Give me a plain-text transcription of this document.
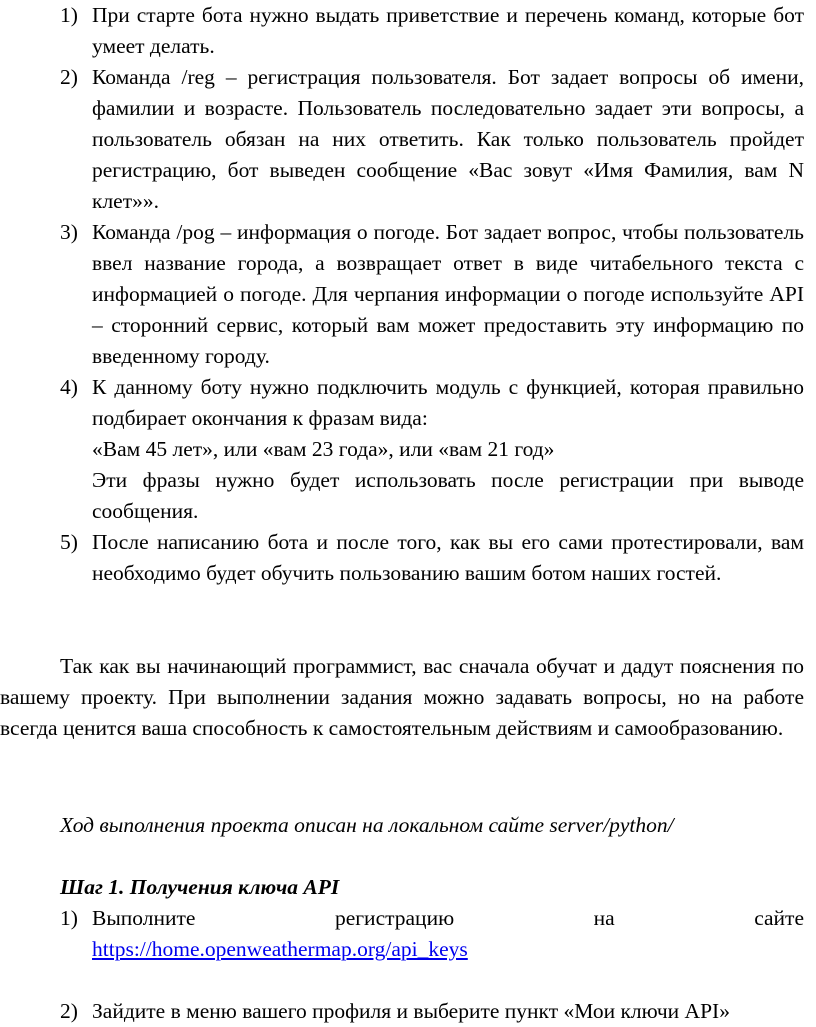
1) При старте бота нужно выдать приветствие и перечень команд, которые бот умеет делать.
2) Команда /reg – регистрация пользователя. Бот задает вопросы об имени, фамилии и возрасте. Пользователь последовательно задает эти вопросы, а пользователь обязан на них ответить. Как только пользователь пройдет регистрацию, бот выведен сообщение «Вас зовут «Имя Фамилия, вам N клет»».
3) Команда /pog – информация о погоде. Бот задает вопрос, чтобы пользователь ввел название города, а возвращает ответ в виде читабельного текста с информацией о погоде. Для черпания информации о погоде используйте API – сторонний сервис, который вам может предоставить эту информацию по введенному городу.
4) К данному боту нужно подключить модуль с функцией, которая правильно подбирает окончания к фразам вида:
«Вам 45 лет», или «вам 23 года», или «вам 21 год»
Эти фразы нужно будет использовать после регистрации при выводе сообщения.
5) После написанию бота и после того, как вы его сами протестировали, вам необходимо будет обучить пользованию вашим ботом наших гостей.

Так как вы начинающий программист, вас сначала обучат и дадут пояснения по вашему проекту. При выполнении задания можно задавать вопросы, но на работе всегда ценится ваша способность к самостоятельным действиям и самообразованию.

Ход выполнения проекта описан на локальном сайте server/python/

Шаг 1. Получения ключа API

1) Выполните регистрацию на сайте
https://home.openweathermap.org/api_keys
2) Зайдите в меню вашего профиля и выберите пункт «Мои ключи API»
